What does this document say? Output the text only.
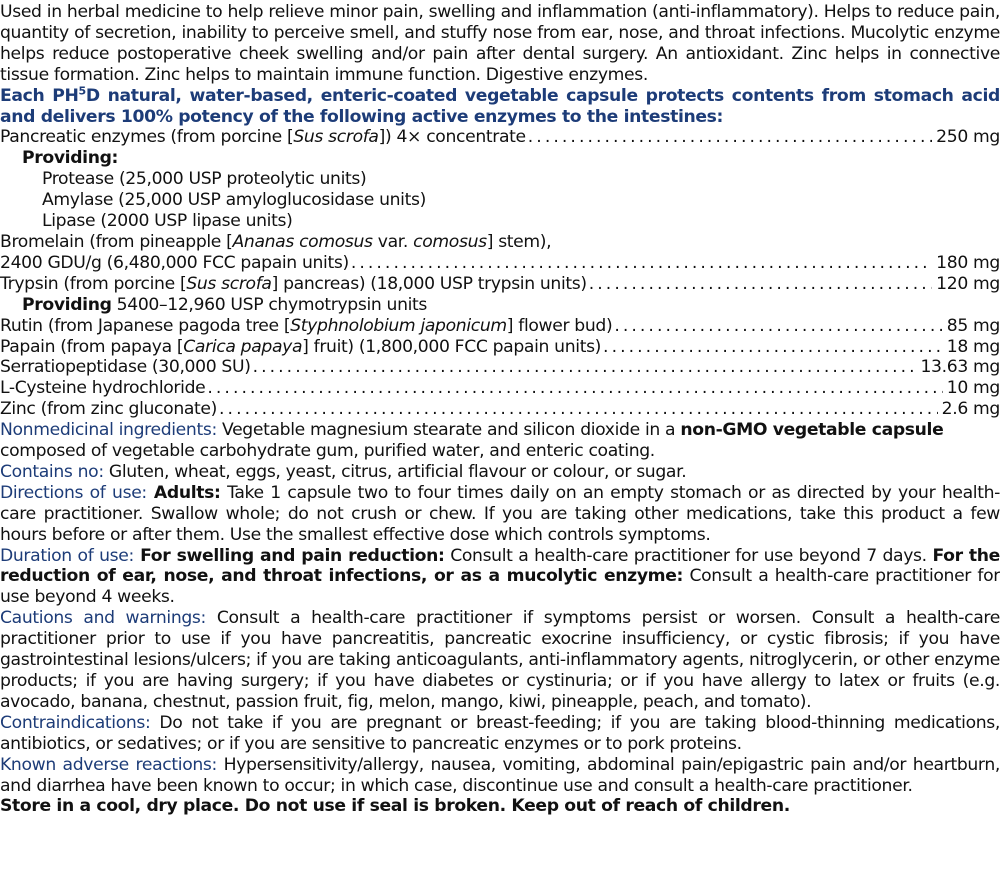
Used in herbal medicine to help relieve minor pain, swelling and inflammation (anti-inflammatory). Helps to reduce pain, quantity of secretion, inability to perceive smell, and stuffy nose from ear, nose, and throat infections. Mucolytic enzyme helps reduce postoperative cheek swelling and/or pain after dental surgery. An antioxidant. Zinc helps in connective tissue formation. Zinc helps to maintain immune function. Digestive enzymes.

Each $PH^5D$ natural, water-based, enteric-coated vegetable capsule protects contents from stomach acid and delivers 100% potency of the following active enzymes to the intestines:

Pancreatic enzymes (from porcine [Sus scrofa]) 4× concentrate . . .	250 mg

Providing:

Protease (25,000 USP proteolytic units)

Amylase (25,000 USP amyloglucosidase units)

Lipase (2000 USP lipase units)

Bromelain (from pineapple [Ananas comosus var. comosus] stem),

2400 GDU/g (6,480,000 FCC papain units) . . .	180 mg
Trypsin (from porcine [Sus scrofa] pancreas) (18,000 USP trypsin units) . . .	120 mg

Providing 5400–12,960 USP chymotrypsin units

Rutin (from Japanese pagoda tree [Styphnolobium japonicum] flower bud) . . .	85 mg
Papain (from papaya [Carica papaya] fruit) (1,800,000 FCC papain units) . . .	18 mg
Serratiopeptidase (30,000 SU) . . .	13.63 mg
L-Cysteine hydrochloride . . .	10 mg
Zinc (from zinc gluconate) . . .	2.6 mg

Nonmedicinal ingredients: Vegetable magnesium stearate and silicon dioxide in a non-GMO vegetable capsule composed of vegetable carbohydrate gum, purified water, and enteric coating.

Contains no: Gluten, wheat, eggs, yeast, citrus, artificial flavour or colour, or sugar.

Directions of use: Adults: Take 1 capsule two to four times daily on an empty stomach or as directed by your health-care practitioner. Swallow whole; do not crush or chew. If you are taking other medications, take this product a few hours before or after them. Use the smallest effective dose which controls symptoms.

Duration of use: For swelling and pain reduction: Consult a health-care practitioner for use beyond 7 days. For the reduction of ear, nose, and throat infections, or as a mucolytic enzyme: Consult a health-care practitioner for use beyond 4 weeks.

Cautions and warnings: Consult a health-care practitioner if symptoms persist or worsen. Consult a health-care practitioner prior to use if you have pancreatitis, pancreatic exocrine insufficiency, or cystic fibrosis; if you have gastrointestinal lesions/ulcers; if you are taking anticoagulants, anti-inflammatory agents, nitroglycerin, or other enzyme products; if you are having surgery; if you have diabetes or cystinuria; or if you have allergy to latex or fruits (e.g. avocado, banana, chestnut, passion fruit, fig, melon, mango, kiwi, pineapple, peach, and tomato).

Contraindications: Do not take if you are pregnant or breast-feeding; if you are taking blood-thinning medications, antibiotics, or sedatives; or if you are sensitive to pancreatic enzymes or to pork proteins.

Known adverse reactions: Hypersensitivity/allergy, nausea, vomiting, abdominal pain/epigastric pain and/or heartburn, and diarrhea have been known to occur; in which case, discontinue use and consult a health-care practitioner.

Store in a cool, dry place. Do not use if seal is broken. Keep out of reach of children.
